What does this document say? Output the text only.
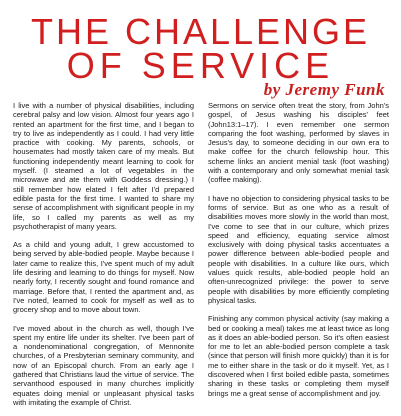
THE CHALLENGE
OF SERVICE
by Jeremy Funk

I live with a number of physical disabilities, including cerebral palsy and low vision. Almost four years ago I rented an apartment for the first time, and I began to try to live as independently as I could. I had very little practice with cooking. My parents, schools, or housemates had mostly taken care of my meals. But functioning independently meant learning to cook for myself. (I steamed a lot of vegetables in the microwave and ate them with Goddess dressing.) I still remember how elated I felt after I'd prepared edible pasta for the first time. I wanted to share my sense of accomplishment with significant people in my life, so I called my parents as well as my psychotherapist of many years.

As a child and young adult, I grew accustomed to being served by able-bodied people. Maybe because I later came to realize this, I've spent much of my adult life desiring and learning to do things for myself. Now nearly forty, I recently sought and found romance and marriage. Before that, I rented the apartment and, as I've noted, learned to cook for myself as well as to grocery shop and to move about town.

I've moved about in the church as well, though I've spent my entire life under its shelter. I've been part of a nondenominational congregation, of Mennonite churches, of a Presbyterian seminary community, and now of an Episcopal church. From an early age I gathered that Christians laud the virtue of service. The servanthood espoused in many churches implicitly equates doing menial or unpleasant physical tasks with imitating the example of Christ.

Sermons on service often treat the story, from John's gospel, of Jesus washing his disciples' feet (John13:1–17). I even remember one sermon comparing the foot washing, performed by slaves in Jesus's day, to someone deciding in our own era to make coffee for the church fellowship hour. This scheme links an ancient menial task (foot washing) with a contemporary and only somewhat menial task (coffee making).

I have no objection to considering physical tasks to be forms of service. But as one who as a result of disabilities moves more slowly in the world than most, I've come to see that in our culture, which prizes speed and efficiency, equating service almost exclusively with doing physical tasks accentuates a power difference between able-bodied people and people with disabilities. In a culture like ours, which values quick results, able-bodied people hold an often-unrecognized privilege: the power to serve people with disabilities by more efficiently completing physical tasks.

Finishing any common physical activity (say making a bed or cooking a meal) takes me at least twice as long as it does an able-bodied person. So it's often easiest for me to let an able-bodied person complete a task (since that person will finish more quickly) than it is for me to either share in the task or do it myself. Yet, as I discovered when I first boiled edible pasta, sometimes sharing in these tasks or completing them myself brings me a great sense of accomplishment and joy.
